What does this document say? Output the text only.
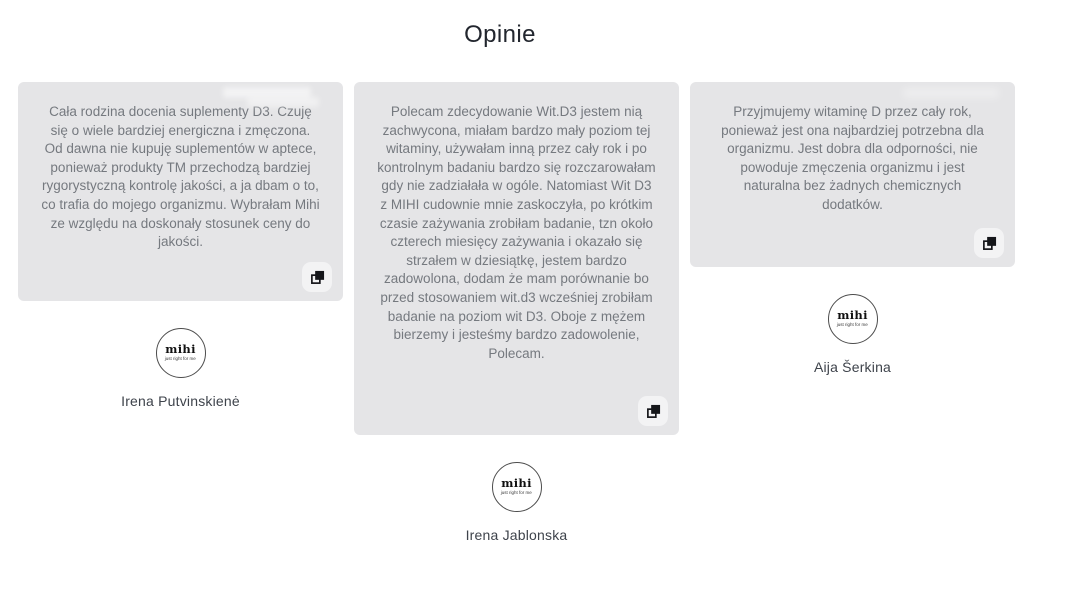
Opinie

Cała rodzina docenia suplementy D3. Czuję się o wiele bardziej energiczna i zmęczona. Od dawna nie kupuję suplementów w aptece, ponieważ produkty TM przechodzą bardziej rygorystyczną kontrolę jakości, a ja dbam o to, co trafia do mojego organizmu. Wybrałam Mihi ze względu na doskonały stosunek ceny do jakości.

mihi
just right for me
Irena Putvinskienė

Polecam zdecydowanie Wit.D3 jestem nią zachwycona, miałam bardzo mały poziom tej witaminy, używałam inną przez cały rok i po kontrolnym badaniu bardzo się rozczarowałam gdy nie zadziałała w ogóle. Natomiast Wit D3 z MIHI cudownie mnie zaskoczyła, po krótkim czasie zażywania zrobiłam badanie, tzn około czterech miesięcy zażywania i okazało się strzałem w dziesiątkę, jestem bardzo zadowolona, dodam że mam porównanie bo przed stosowaniem wit.d3 wcześniej zrobiłam badanie na poziom wit D3. Oboje z mężem bierzemy i jesteśmy bardzo zadowolenie, Polecam.

mihi
just right for me
Irena Jablonska

Przyjmujemy witaminę D przez cały rok, ponieważ jest ona najbardziej potrzebna dla organizmu. Jest dobra dla odporności, nie powoduje zmęczenia organizmu i jest naturalna bez żadnych chemicznych dodatków.

mihi
just right for me
Aija Šerkina
